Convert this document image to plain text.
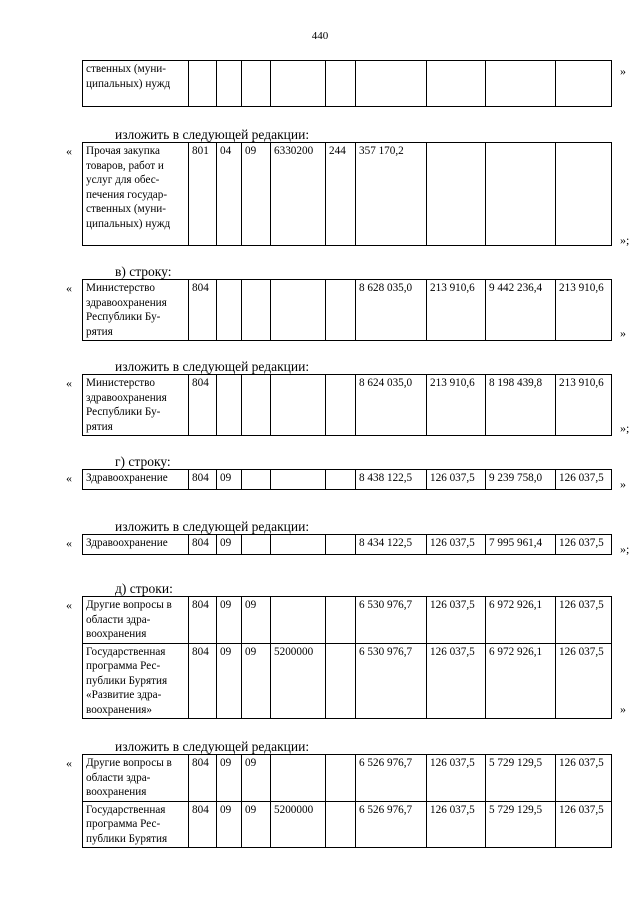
440
ственных (муни- ципальных) нужд									
»
изложить в следующей редакции:
Прочая закупка товаров, работ и услуг для обес- печения государ- ственных (муни- ципальных) нужд	801	04	09	6330200	244	357 170,2			
«
»;
в) строку:
Министерство здравоохранения Республики Бу- рятия	804					8 628 035,0	213 910,6	9 442 236,4	213 910,6
«
»
изложить в следующей редакции:
Министерство здравоохранения Республики Бу- рятия	804					8 624 035,0	213 910,6	8 198 439,8	213 910,6
«
»;
г) строку:
Здравоохранение	804	09				8 438 122,5	126 037,5	9 239 758,0	126 037,5
«	»
изложить в следующей редакции:
Здравоохранение	804	09				8 434 122,5	126 037,5	7 995 961,4	126 037,5
«	»;
д) строки:
Другие вопросы в области здра- воохранения	804	09	09			6 530 976,7	126 037,5	6 972 926,1	126 037,5
Государственная программа Рес- публики Бурятия «Развитие здра- воохранения»	804	09	09	5200000		6 530 976,7	126 037,5	6 972 926,1	126 037,5
«
»
изложить в следующей редакции:
Другие вопросы в области здра- воохранения	804	09	09			6 526 976,7	126 037,5	5 729 129,5	126 037,5
Государственная программа Рес- публики Бурятия	804	09	09	5200000		6 526 976,7	126 037,5	5 729 129,5	126 037,5
«
